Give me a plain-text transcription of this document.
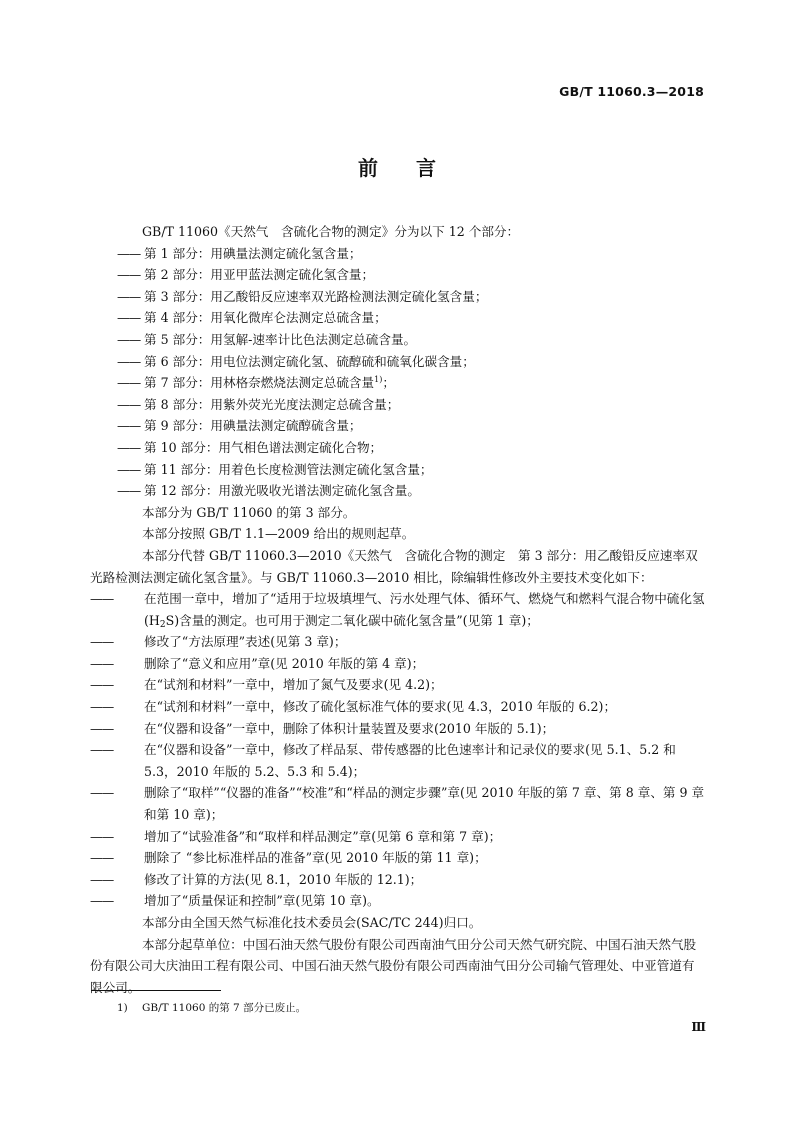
GB/T 11060.3—2018
前言

GB/T 11060《天然气　含硫化合物的测定》分为以下 12 个部分：

—— 第 1 部分：用碘量法测定硫化氢含量；

—— 第 2 部分：用亚甲蓝法测定硫化氢含量；

—— 第 3 部分：用乙酸铅反应速率双光路检测法测定硫化氢含量；

—— 第 4 部分：用氧化微库仑法测定总硫含量；

—— 第 5 部分：用氢解-速率计比色法测定总硫含量。

—— 第 6 部分：用电位法测定硫化氢、硫醇硫和硫氧化碳含量；

—— 第 7 部分：用林格奈燃烧法测定总硫含量$^{1)}$；

—— 第 8 部分：用紫外荧光光度法测定总硫含量；

—— 第 9 部分：用碘量法测定硫醇硫含量；

—— 第 10 部分：用气相色谱法测定硫化合物；

—— 第 11 部分：用着色长度检测管法测定硫化氢含量；

—— 第 12 部分：用激光吸收光谱法测定硫化氢含量。

本部分为 GB/T 11060 的第 3 部分。

本部分按照 GB/T 1.1—2009 给出的规则起草。

本部分代替 GB/T 11060.3—2010《天然气　含硫化合物的测定　第 3 部分：用乙酸铅反应速率双光路检测法测定硫化氢含量》。与 GB/T 11060.3—2010 相比，除编辑性修改外主要技术变化如下：

—— 在范围一章中，增加了“适用于垃圾填埋气、污水处理气体、循环气、燃烧气和燃料气混合物中硫化氢$(H_2S)$含量的测定。也可用于测定二氧化碳中硫化氢含量”(见第 1 章)；

—— 修改了“方法原理”表述(见第 3 章)；

—— 删除了“意义和应用”章(见 2010 年版的第 4 章)；

—— 在“试剂和材料”一章中，增加了氮气及要求(见 4.2)；

—— 在“试剂和材料”一章中，修改了硫化氢标准气体的要求(见 4.3，2010 年版的 6.2)；

—— 在“仪器和设备”一章中，删除了体积计量装置及要求(2010 年版的 5.1)；

—— 在“仪器和设备”一章中，修改了样品泵、带传感器的比色速率计和记录仪的要求(见 5.1、5.2 和 5.3，2010 年版的 5.2、5.3 和 5.4)；

—— 删除了“取样”“仪器的准备”“校准”和“样品的测定步骤”章(见 2010 年版的第 7 章、第 8 章、第 9 章和第 10 章)；

—— 增加了“试验准备”和“取样和样品测定”章(见第 6 章和第 7 章)；

—— 删除了 “参比标准样品的准备”章(见 2010 年版的第 11 章)；

—— 修改了计算的方法(见 8.1，2010 年版的 12.1)；

—— 增加了“质量保证和控制”章(见第 10 章)。

本部分由全国天然气标准化技术委员会(SAC/TC 244)归口。

本部分起草单位：中国石油天然气股份有限公司西南油气田分公司天然气研究院、中国石油天然气股份有限公司大庆油田工程有限公司、中国石油天然气股份有限公司西南油气田分公司输气管理处、中亚管道有限公司。

1) GB/T 11060 的第 7 部分已废止。
Ⅲ
